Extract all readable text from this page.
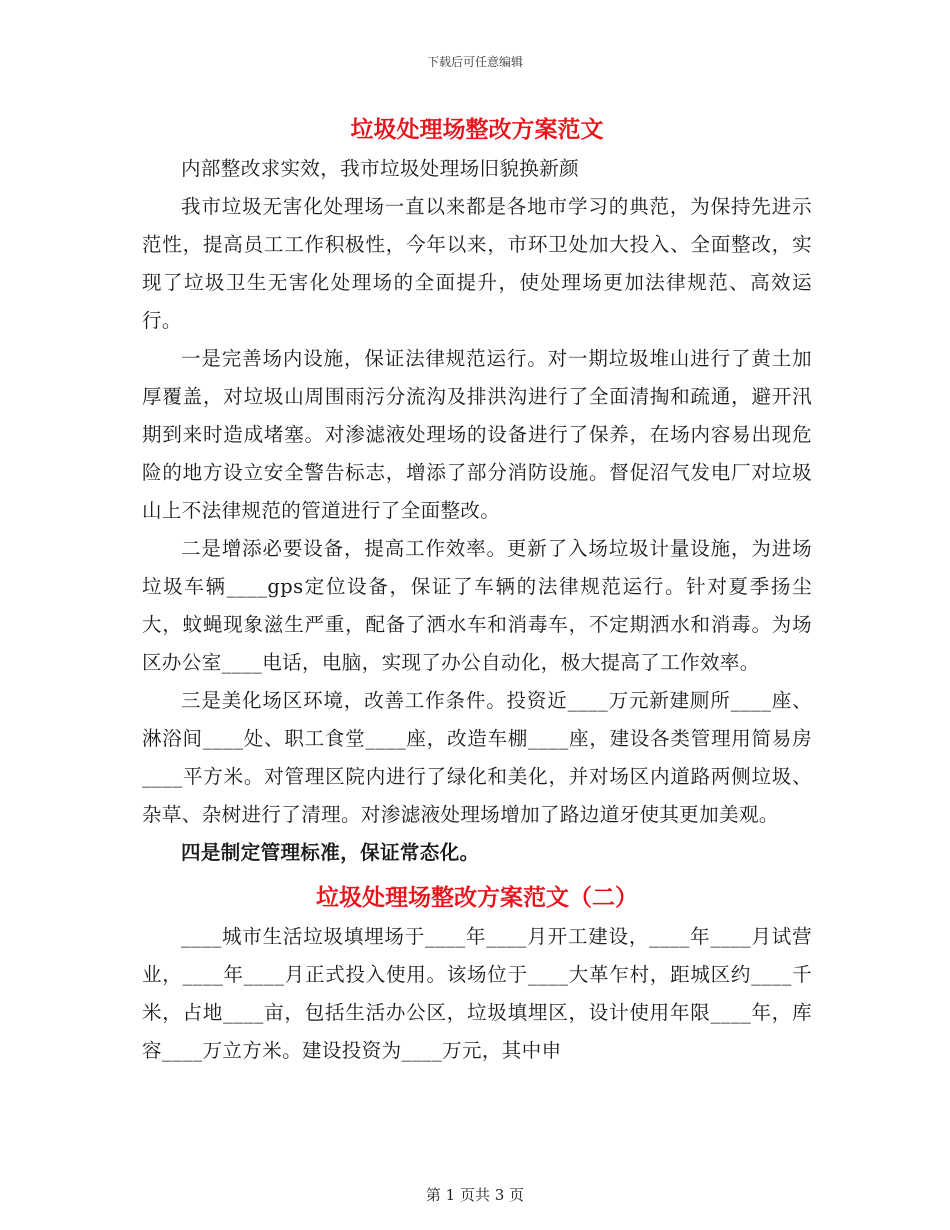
下载后可任意编辑
垃圾处理场整改方案范文

内部整改求实效，我市垃圾处理场旧貌换新颜

我市垃圾无害化处理场一直以来都是各地市学习的典范，为保持先进示范性，提高员工工作积极性，今年以来，市环卫处加大投入、全面整改，实现了垃圾卫生无害化处理场的全面提升，使处理场更加法律规范、高效运行。

一是完善场内设施，保证法律规范运行。对一期垃圾堆山进行了黄土加厚覆盖，对垃圾山周围雨污分流沟及排洪沟进行了全面清掏和疏通，避开汛期到来时造成堵塞。对渗滤液处理场的设备进行了保养，在场内容易出现危险的地方设立安全警告标志，增添了部分消防设施。督促沼气发电厂对垃圾山上不法律规范的管道进行了全面整改。

二是增添必要设备，提高工作效率。更新了入场垃圾计量设施，为进场垃圾车辆____gps定位设备，保证了车辆的法律规范运行。针对夏季扬尘大，蚊蝇现象滋生严重，配备了洒水车和消毒车，不定期洒水和消毒。为场区办公室____电话，电脑，实现了办公自动化，极大提高了工作效率。

三是美化场区环境，改善工作条件。投资近____万元新建厕所____座、淋浴间____处、职工食堂____座，改造车棚____座，建设各类管理用简易房____平方米。对管理区院内进行了绿化和美化，并对场区内道路两侧垃圾、杂草、杂树进行了清理。对渗滤液处理场增加了路边道牙使其更加美观。

四是制定管理标准，保证常态化。

垃圾处理场整改方案范文（二）

____城市生活垃圾填埋场于____年____月开工建设，____年____月试营业，____年____月正式投入使用。该场位于____大革乍村，距城区约____千米，占地____亩，包括生活办公区，垃圾填埋区，设计使用年限____年，库容____万立方米。建设投资为____万元，其中申

第 1 页共 3 页
